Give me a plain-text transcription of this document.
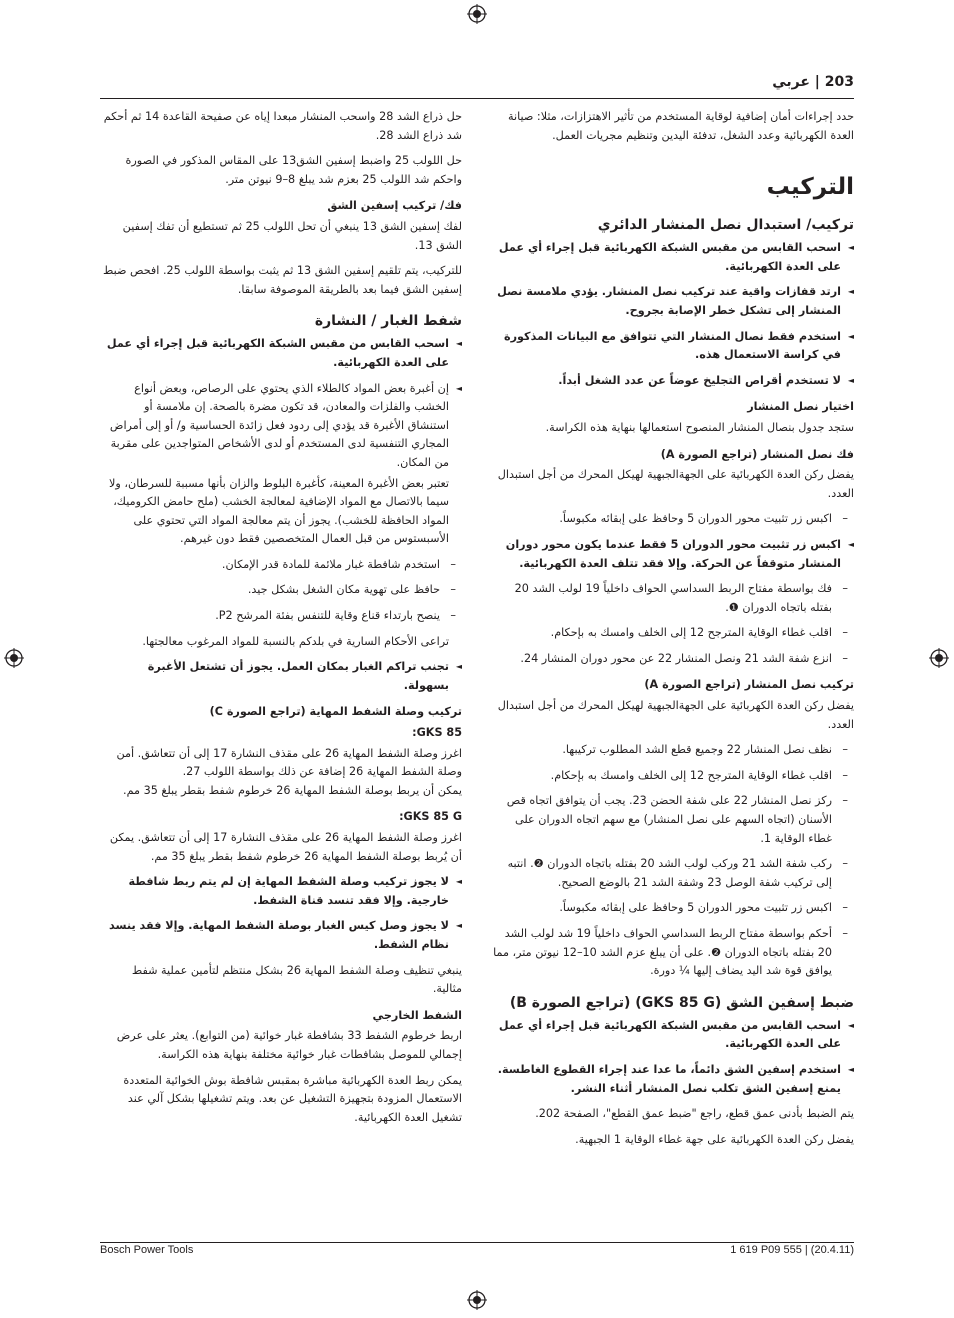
203 | عربي

حدد إجراءات أمان إضافية لوقاية المستخدم من تأثير الاهتزازات، مثلا: صيانة العدة الكهربائية وعدد الشغل، تدفئة اليدين وتنظيم مجريات العمل.

التركيب
تركيب/ استبدال نصل المنشار الدائري

◄ اسحب القابس من مقبس الشبكة الكهربائية قبل إجراء أي عمل على العدة الكهربائية.

◄ ارتد قفازات واقية عند تركيب نصل المنشار. يؤدي ملامسة نصل المنشار إلى تشكل خطر الإصابة بجروح.

◄ استخدم فقط نصال المنشار التي تتوافق مع البيانات المذكورة في كراسة الاستعمال هذه.

◄ لا تستخدم أقراص التجليخ عوضاً عن عدد الشغل أبداً.

اختيار نصل المنشار

ستجد جدول بنصال المنشار المنصوح استعمالها بنهاية هذه الكراسة.

فك نصل المنشار (تراجع الصورة A)

يفضل ركن العدة الكهربائية على الجهةالجبهية لهيكل المحرك من أجل استبدال العدد.

– اكبس زر تثبيت محور الدوران 5 وحافظ على إبقائه مكبوساً.

◄ اكبس زر تثبيت محور الدوران 5 فقط عندما يكون محور دوران المنشار متوقفاً عن الحركة. وإلا فقد تتلف العدة الكهربائية.

– فك بواسطة مفتاح الربط السداسي الحواف داخلياً 19 لولب الشد 20 بفتله باتجاه الدوران ❶.

– اقلب غطاء الوقاية المترجح 12 إلى الخلف وامسك به بإحكام.

– انزع شفة الشد 21 ونصل المنشار 22 عن محور دوران المنشار 24.

تركيب نصل المنشار (تراجع الصورة A)

يفضل ركن العدة الكهربائية على الجهةالجبهية لهيكل المحرك من أجل استبدال العدد.

– نظف نصل المنشار 22 وجميع قطع الشد المطلوب تركيبها.

– اقلب غطاء الوقاية المترجح 12 إلى الخلف وامسك به بإحكام.

– ركز نصل المنشار 22 على شفة الحضن 23. يجب أن يتوافق اتجاه قص الأسنان (اتجاه السهم على نصل المنشار) مع سهم اتجاه الدوران على غطاء الوقاية 1.

– ركب شفة الشد 21 وركب لولب الشد 20 بفتله باتجاه الدوران ❷. انتبه إلى تركيب شفة الوصل 23 وشفة الشد 21 بالوضع الصحيح.

– اكبس زر تثبيت محور الدوران 5 وحافظ على إبقائه مكبوساً.

– أحكم بواسطة مفتاح الربط السداسي الحواف داخلياً 19 شد لولب الشد 20 بفتله باتجاه الدوران ❷. على أن يبلغ عزم الشد 10–12 نيوتن متر، مما يوافق قوة شد اليد يضاف إليها ¼ دورة.

ضبط إسفين الشق (GKS 85 G) (تراجع الصورة B)

◄ اسحب القابس من مقبس الشبكة الكهربائية قبل إجراء أي عمل على العدة الكهربائية.

◄ استخدم إسفين الشق دائماً، ما عدا عند إجراء القطوع الغاطسة. يمنع إسفين الشق تكلب نصل المنشار أثناء النشر.

يتم الضبط بأدنى عمق قطع، راجع "ضبط عمق القطع"، الصفحة 202.

يفضل ركن العدة الكهربائية على جهة غطاء الوقاية 1 الجبهية.

حل ذراع الشد 28 واسحب المنشار مبعدا إياه عن صفيحة القاعدة 14 ثم أحكم شد ذراع الشد 28.

حل اللولب 25 واضبط إسفين الشق13 على المقاس المذكور في الصورة واحكم شد اللولب 25 بعزم شد يبلغ 8–9 نيوتن متر.

فك/ تركيب إسفين الشق

لفك إسفين الشق 13 ينبغي أن تحل اللولب 25 ثم تستطيع أن تفك إسفين الشق 13.

للتركيب، يتم تلقيم إسفين الشق 13 ثم يثبت بواسطة اللولب 25. افحص ضبط إسفين الشق فيما بعد بالطريقة الموصوفة سابقا.

شفط الغبار / النشارة

◄ اسحب القابس من مقبس الشبكة الكهربائية قبل إجراء أي عمل على العدة الكهربائية.

◄ إن أغبرة بعض المواد كالطلاء الذي يحتوي على الرصاص، وبعض أنواع الخشب والفلزات والمعادن، قد تكون مضرة بالصحة. إن ملامسة أو استنشاق الأغبرة قد يؤدي إلى ردود فعل زائدة الحساسية و/ أو إلى أمراض المجاري التنفسية لدى المستخدم أو لدى الأشخاص المتواجدين على مقربة من المكان.

تعتبر بعض الأغبرة المعينة، كأغبرة البلوط والزان بأنها مسببة للسرطان، ولا سيما بالاتصال مع المواد الإضافية لمعالجة الخشب (ملح حامض الكروميك، المواد الحافظة للخشب). يجوز أن يتم معالجة المواد التي تحتوي على الأسبستوس من قبل العمال المتخصصين فقط دون غيرهم.

– استخدم شافطة غبار ملائمة للمادة قدر الإمكان.

– حافظ على تهوية مكان الشغل بشكل جيد.

– ينصح بارتداء قناع وقاية للتنفس بفئة المرشح P2.

تراعى الأحكام السارية في بلدكم بالنسبة للمواد المرغوب معالجتها.

◄ تجنب تراكم الغبار بمكان العمل. يجوز أن تشتعل الأغبرة بسهولة.

تركيب وصلة الشفط المهاية (تراجع الصورة C)
GKS 85:

اغرز وصلة الشفط المهاية 26 على مقذف النشارة 17 إلى أن تتعاشق. أمن وصلة الشفط المهاية 26 إضافة عن ذلك بواسطة اللولب 27.

يمكن أن يربط بوصلة الشفط المهاية 26 خرطوم شفط بقطر يبلغ 35 مم.

GKS 85 G:

اغرز وصلة الشفط المهاية 26 على مقذف النشارة 17 إلى أن تتعاشق. يمكن أن يُربط بوصلة الشفط المهاية 26 خرطوم شفط بقطر يبلغ 35 مم.

◄ لا يجوز تركيب وصلة الشفط المهاية إن لم يتم ربط شافطة خارجية. وإلا فقد تنسد قناة الشفط.

◄ لا يجوز وصل كيس الغبار بوصلة الشفط المهاية. وإلا فقد ينسد نظام الشفط.

ينبغي تنظيف وصلة الشفط المهاية 26 بشكل منتظم لتأمين عملية شفط مثالية.

الشفط الخارجي

اربط خرطوم الشفط 33 بشافطة غبار خوائية (من التوابع). يعثر على عرض إجمالي للموصل بشافطات غبار خوائية مختلفة بنهاية هذه الكراسة.

يمكن ربط العدة الكهربائية مباشرة بمقبس شافطة بوش الخوائية المتعددة الاستعمال المزودة بتجهيزة التشغيل عن بعد. ويتم تشغيلها بشكل آلي عند تشغيل العدة الكهربائية.

Bosch Power Tools	1 619 P09 555 | (20.4.11)
